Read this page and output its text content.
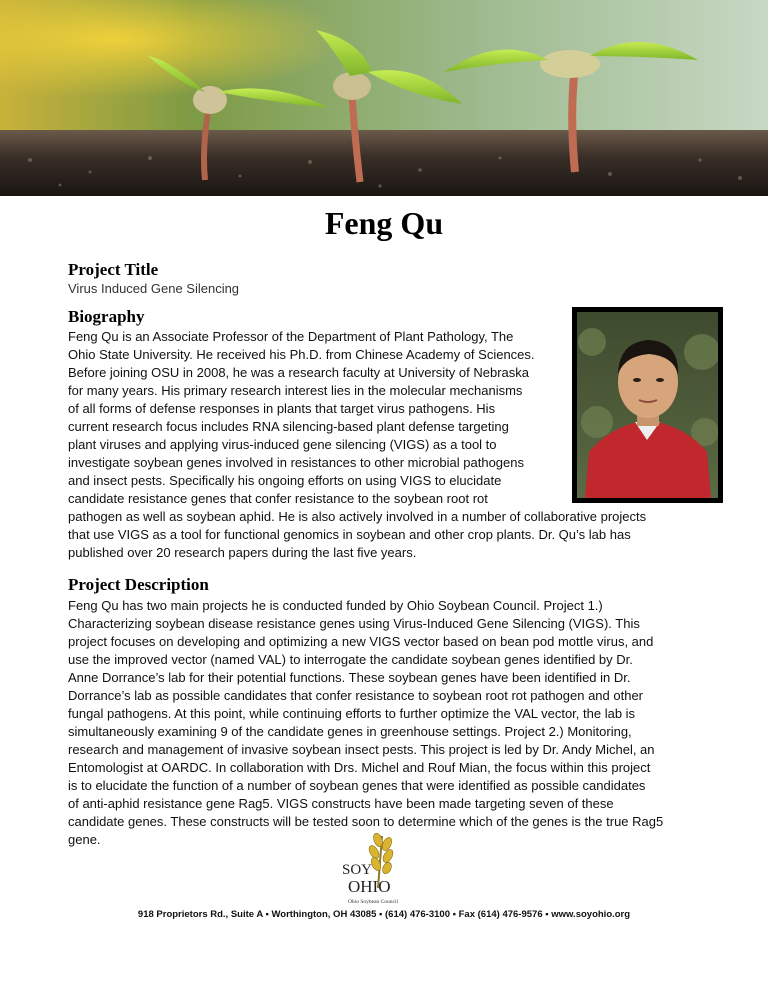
Feng Qu
Project Title
Virus Induced Gene Silencing
Biography
Feng Qu is an Associate Professor of the Department of Plant Pathology, The
Ohio State University. He received his Ph.D. from Chinese Academy of Sciences.
Before joining OSU in 2008, he was a research faculty at University of Nebraska
for many years. His primary research interest lies in the molecular mechanisms
of all forms of defense responses in plants that target virus pathogens. His
current research focus includes RNA silencing-based plant defense targeting
plant viruses and applying virus-induced gene silencing (VIGS) as a tool to
investigate soybean genes involved in resistances to other microbial pathogens
and insect pests. Specifically his ongoing efforts on using VIGS to elucidate
candidate resistance genes that confer resistance to the soybean root rot
pathogen as well as soybean aphid. He is also actively involved in a number of collaborative projects
that use VIGS as a tool for functional genomics in soybean and other crop plants. Dr. Qu’s lab has
published over 20 research papers during the last five years.
Project Description
Feng Qu has two main projects he is conducted funded by Ohio Soybean Council. Project 1.)
Characterizing soybean disease resistance genes using Virus-Induced Gene Silencing (VIGS). This
project focuses on developing and optimizing a new VIGS vector based on bean pod mottle virus, and
use the improved vector (named VAL) to interrogate the candidate soybean genes identified by Dr.
Anne Dorrance’s lab for their potential functions. These soybean genes have been identified in Dr.
Dorrance’s lab as possible candidates that confer resistance to soybean root rot pathogen and other
fungal pathogens. At this point, while continuing efforts to further optimize the VAL vector, the lab is
simultaneously examining 9 of the candidate genes in greenhouse settings. Project 2.) Monitoring,
research and management of invasive soybean insect pests. This project is led by Dr. Andy Michel, an
Entomologist at OARDC. In collaboration with Drs. Michel and Rouf Mian, the focus within this project
is to elucidate the function of a number of soybean genes that were identified as possible candidates
of anti-aphid resistance gene Rag5. VIGS constructs have been made targeting seven of these
candidate genes. These constructs will be tested soon to determine which of the genes is the true Rag5
gene.
SOY
OHIO
Ohio Soybean Council
918 Proprietors Rd., Suite A ▪ Worthington, OH 43085 ▪ (614) 476-3100 ▪ Fax (614) 476-9576 ▪ www.soyohio.org
